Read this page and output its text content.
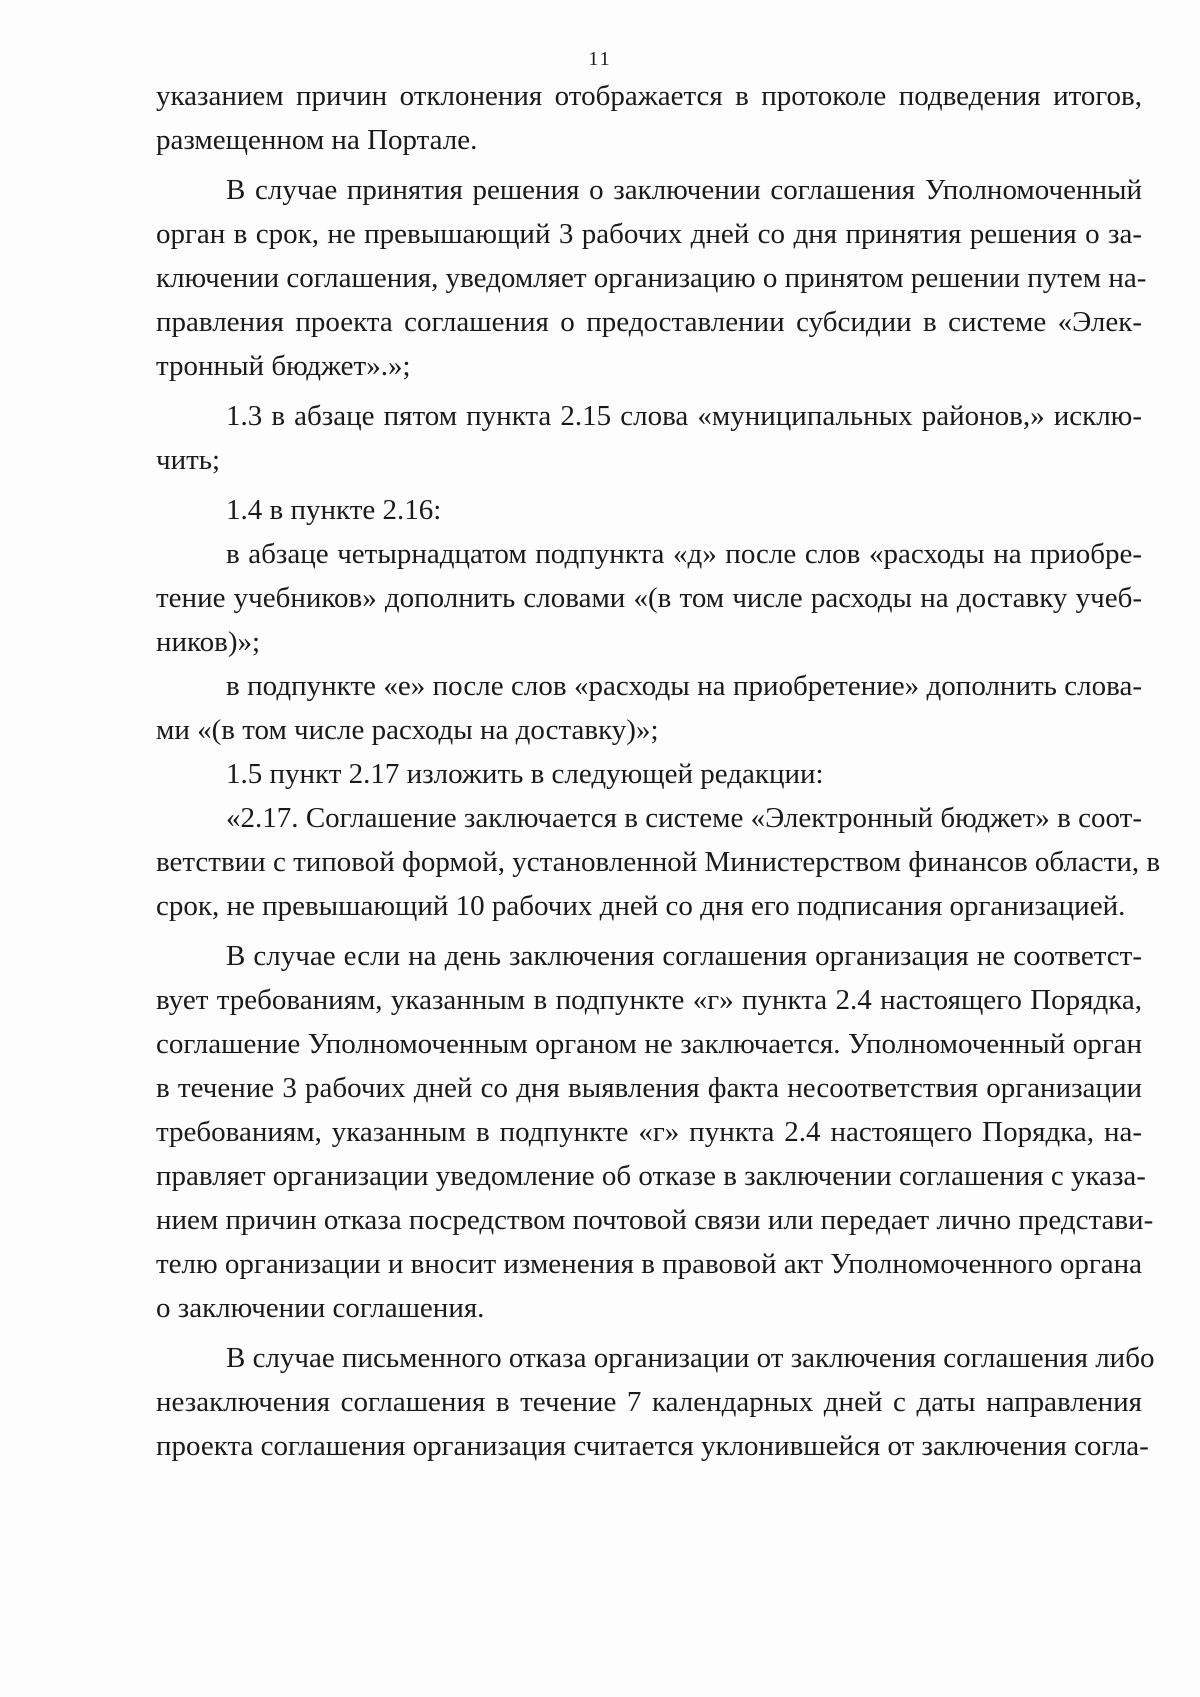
11
указанием причин отклонения отображается в протоколе подведения итогов,
размещенном на Портале.
В случае принятия решения о заключении соглашения Уполномоченный
орган в срок, не превышающий 3 рабочих дней со дня принятия решения о за-
ключении соглашения, уведомляет организацию о принятом решении путем на-
правления проекта соглашения о предоставлении субсидии в системе «Элек-
тронный бюджет».»;
1.3 в абзаце пятом пункта 2.15 слова «муниципальных районов,» исклю-
чить;
1.4 в пункте 2.16:
в абзаце четырнадцатом подпункта «д» после слов «расходы на приобре-
тение учебников» дополнить словами «(в том числе расходы на доставку учеб-
ников)»;
в подпункте «е» после слов «расходы на приобретение» дополнить слова-
ми «(в том числе расходы на доставку)»;
1.5 пункт 2.17 изложить в следующей редакции:
«2.17. Соглашение заключается в системе «Электронный бюджет» в соот-
ветствии с типовой формой, установленной Министерством финансов области, в
срок, не превышающий 10 рабочих дней со дня его подписания организацией.
В случае если на день заключения соглашения организация не соответст-
вует требованиям, указанным в подпункте «г» пункта 2.4 настоящего Порядка,
соглашение Уполномоченным органом не заключается. Уполномоченный орган
в течение 3 рабочих дней со дня выявления факта несоответствия организации
требованиям, указанным в подпункте «г» пункта 2.4 настоящего Порядка, на-
правляет организации уведомление об отказе в заключении соглашения с указа-
нием причин отказа посредством почтовой связи или передает лично представи-
телю организации и вносит изменения в правовой акт Уполномоченного органа
о заключении соглашения.
В случае письменного отказа организации от заключения соглашения либо
незаключения соглашения в течение 7 календарных дней с даты направления
проекта соглашения организация считается уклонившейся от заключения согла-
